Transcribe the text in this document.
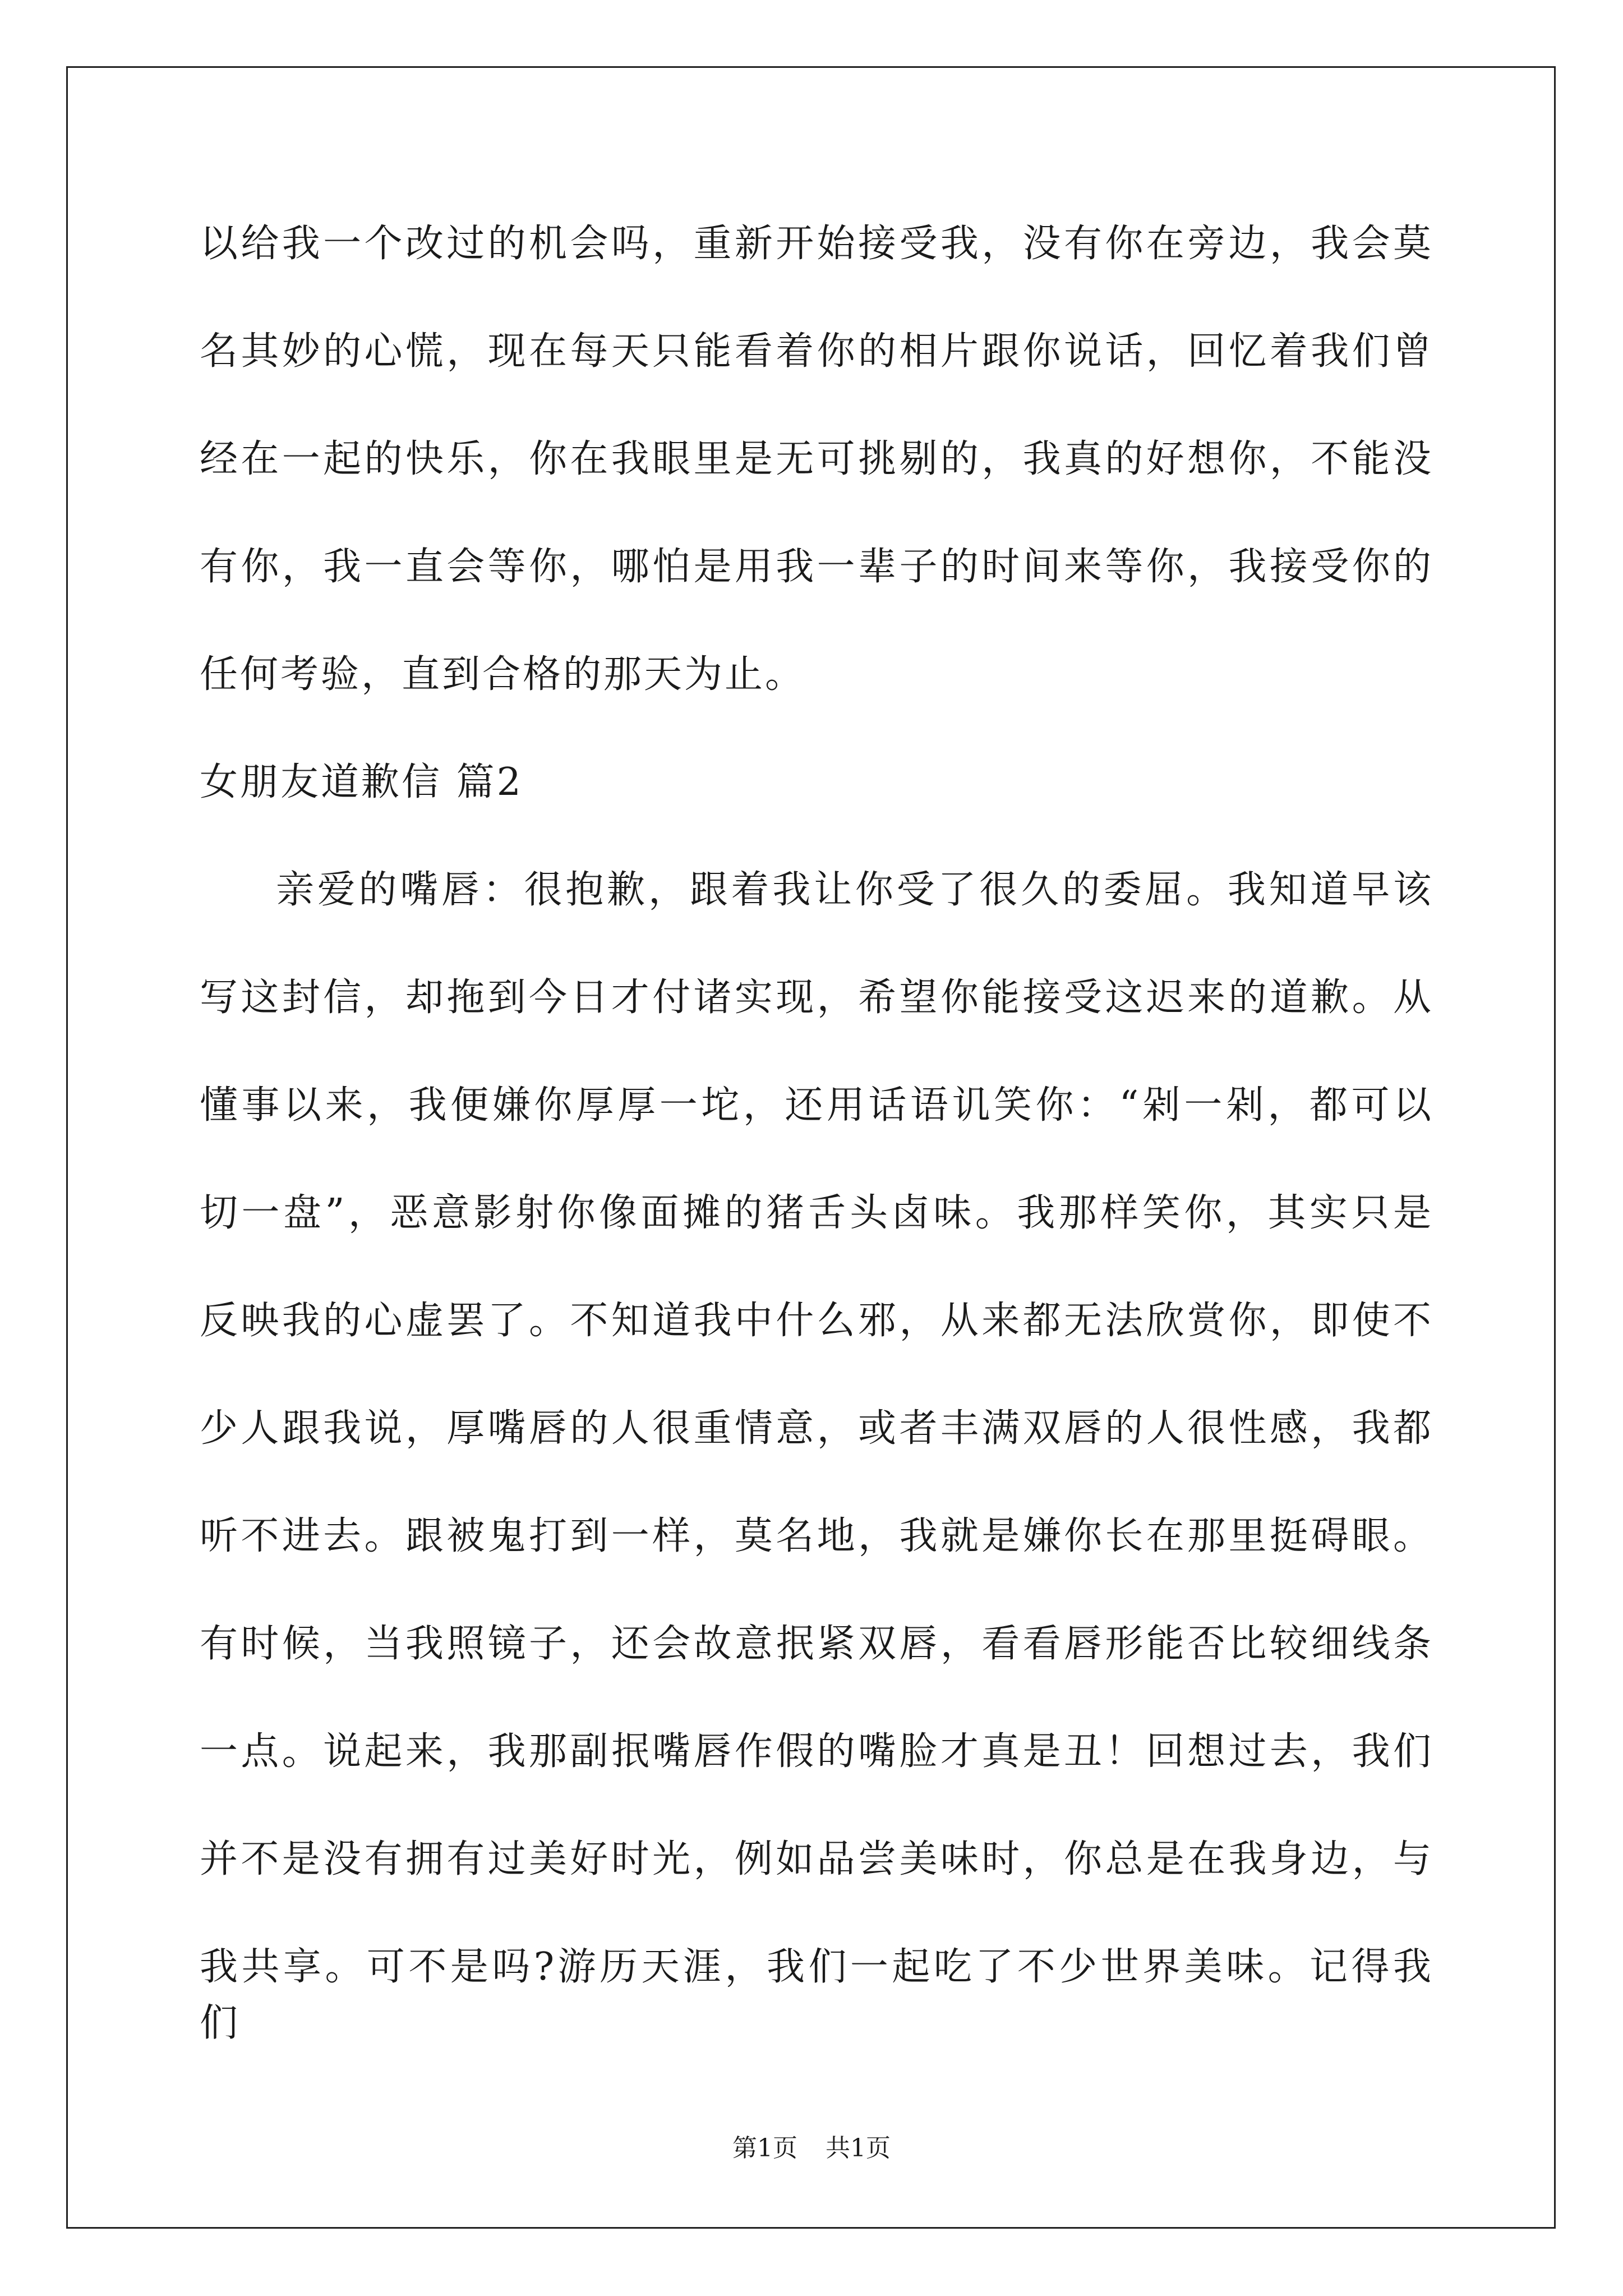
以给我一个改过的机会吗，重新开始接受我，没有你在旁边，我会莫
名其妙的心慌，现在每天只能看着你的相片跟你说话，回忆着我们曾
经在一起的快乐，你在我眼里是无可挑剔的，我真的好想你，不能没
有你，我一直会等你，哪怕是用我一辈子的时间来等你，我接受你的
任何考验，直到合格的那天为止。
女朋友道歉信 篇2
亲爱的嘴唇：很抱歉，跟着我让你受了很久的委屈。我知道早该
写这封信，却拖到今日才付诸实现，希望你能接受这迟来的道歉。从
懂事以来，我便嫌你厚厚一坨，还用话语讥笑你：“剁一剁，都可以
切一盘”，恶意影射你像面摊的猪舌头卤味。我那样笑你，其实只是
反映我的心虚罢了。不知道我中什么邪，从来都无法欣赏你，即使不
少人跟我说，厚嘴唇的人很重情意，或者丰满双唇的人很性感，我都
听不进去。跟被鬼打到一样，莫名地，我就是嫌你长在那里挺碍眼。
有时候，当我照镜子，还会故意抿紧双唇，看看唇形能否比较细线条
一点。说起来，我那副抿嘴唇作假的嘴脸才真是丑！回想过去，我们
并不是没有拥有过美好时光，例如品尝美味时，你总是在我身边，与
我共享。可不是吗?游历天涯，我们一起吃了不少世界美味。记得我们
第1页 共1页
